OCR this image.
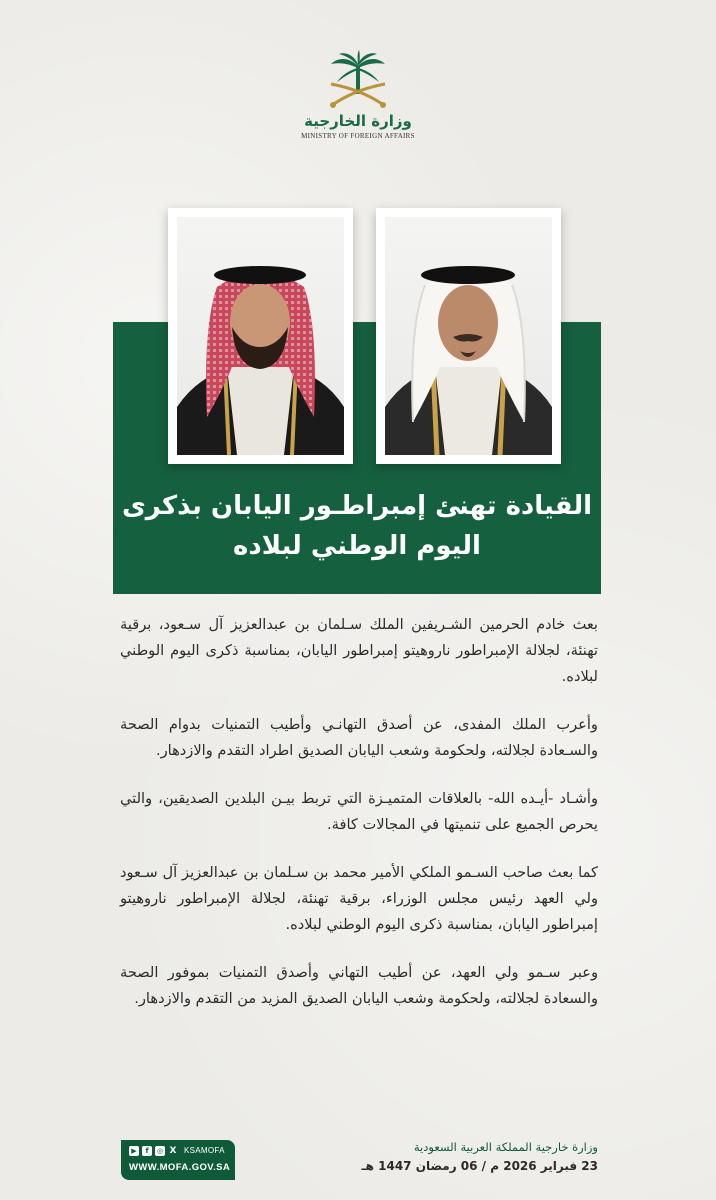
وزارة الخارجية
MINISTRY OF FOREIGN AFFAIRS
القيادة تهنئ إمبراطـور اليابان بذكرى
اليوم الوطني لبلاده

بعث خادم الحرمين الشـريفين الملك سـلمان بن عبدالعزيز آل سـعود، برقية تهنئة، لجلالة الإمبراطور ناروهيتو إمبراطور اليابان، بمناسبة ذكرى اليوم الوطني لبلاده.

وأعرب الملك المفدى، عن أصدق التهانـي وأطيب التمنيات بدوام الصحة والسـعادة لجلالته، ولحكومة وشعب اليابان الصديق اطراد التقدم والازدهار.

وأشـاد -أيـده الله- بالعلاقات المتميـزة التي تربط بيـن البلدين الصديقين، والتي يحرص الجميع على تنميتها في المجالات كافة.

كما بعث صاحب السـمو الملكي الأمير محمد بن سـلمان بن عبدالعزيز آل سـعود ولي العهد رئيس مجلس الوزراء، برقية تهنئة، لجلالة الإمبراطور ناروهيتو إمبراطور اليابان، بمناسبة ذكرى اليوم الوطني لبلاده.

وعبر سـمو ولي العهد، عن أطيب التهاني وأصدق التمنيات بموفور الصحة والسعادة لجلالته، ولحكومة وشعب اليابان الصديق المزيد من التقدم والازدهار.

▶	f	◎ X KSAMOFA
WWW.MOFA.GOV.SA
وزارة خارجية المملكة العربية السعودية
23 فبراير 2026 م / 06 رمضان 1447 هـ
